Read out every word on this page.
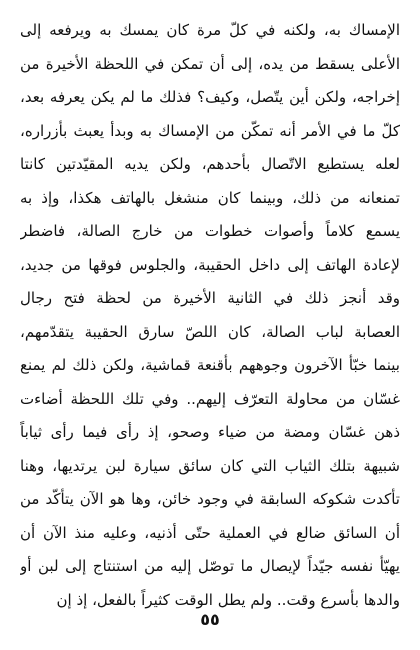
الإمساك به، ولكنه في كلّ مرة كان يمسك به ويرفعه إلى
الأعلى يسقط من يده، إلى أن تمكن في اللحظة الأخيرة من
إخراجه، ولكن أين يتّصل، وكيف؟ فذلك ما لم يكن يعرفه بعد،
كلّ ما في الأمر أنه تمكّن من الإمساك به وبدأ يعبث بأزراره،
لعله يستطيع الاتّصال بأحدهم، ولكن يديه المقيّدتين كانتا
تمنعانه من ذلك، وبينما كان منشغل بالهاتف هكذا، وإذ به
يسمع كلاماً وأصوات خطوات من خارج الصالة، فاضطر
لإعادة الهاتف إلى داخل الحقيبة، والجلوس فوقها من جديد،
وقد أنجز ذلك في الثانية الأخيرة من لحظة فتح رجال
العصابة لباب الصالة، كان اللصّ سارق الحقيبة يتقدّمهم،
بينما خبّأ الآخرون وجوههم بأقنعة قماشية، ولكن ذلك لم يمنع
غسّان من محاولة التعرّف إليهم.. وفي تلك اللحظة أضاءت
ذهن غسّان ومضة من ضياء وصحو، إذ رأى فيما رأى ثياباً
شبيهة بتلك الثياب التي كان سائق سيارة لبن يرتديها، وهنا
تأكدت شكوكه السابقة في وجود خائن، وها هو الآن يتأكّد من
أن السائق ضالع في العملية حتّى أذنيه، وعليه منذ الآن أن
يهيّأ نفسه جيّداً لإيصال ما توصّل إليه من استنتاج إلى لبن أو
والدها بأسرع وقت.. ولم يطل الوقت كثيراً بالفعل، إذ إن
٥٥
